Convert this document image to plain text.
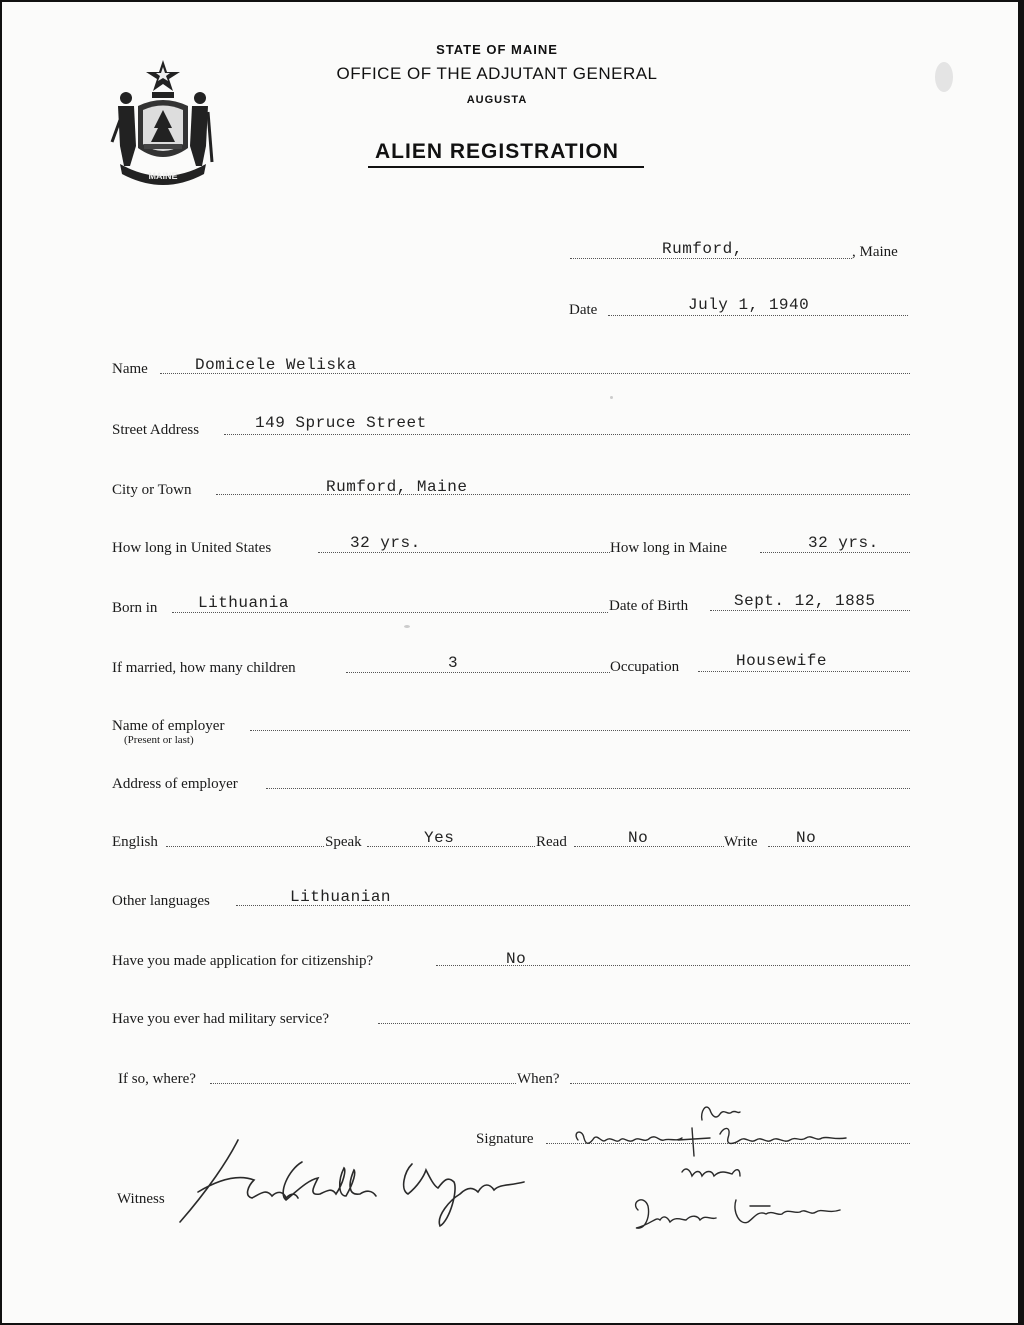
MAINE
STATE OF MAINE
OFFICE OF THE ADJUTANT GENERAL
AUGUSTA
ALIEN REGISTRATION
Rumford,	, Maine
Date	July 1, 1940
Name	Domicele Weliska
Street Address	149 Spruce Street
City or Town	Rumford, Maine
How long in United States	32 yrs.	How long in Maine	32 yrs.
Born in	Lithuania	Date of Birth	Sept. 12, 1885
If married, how many children	3	Occupation	Housewife
Name of employer
(Present or last)
Address of employer
English	Speak	Yes	Read	No	Write No
Other languages	Lithuanian
Have you made application for citizenship?	No
Have you ever had military service?
If so, where?	When?
Signature
Witness
